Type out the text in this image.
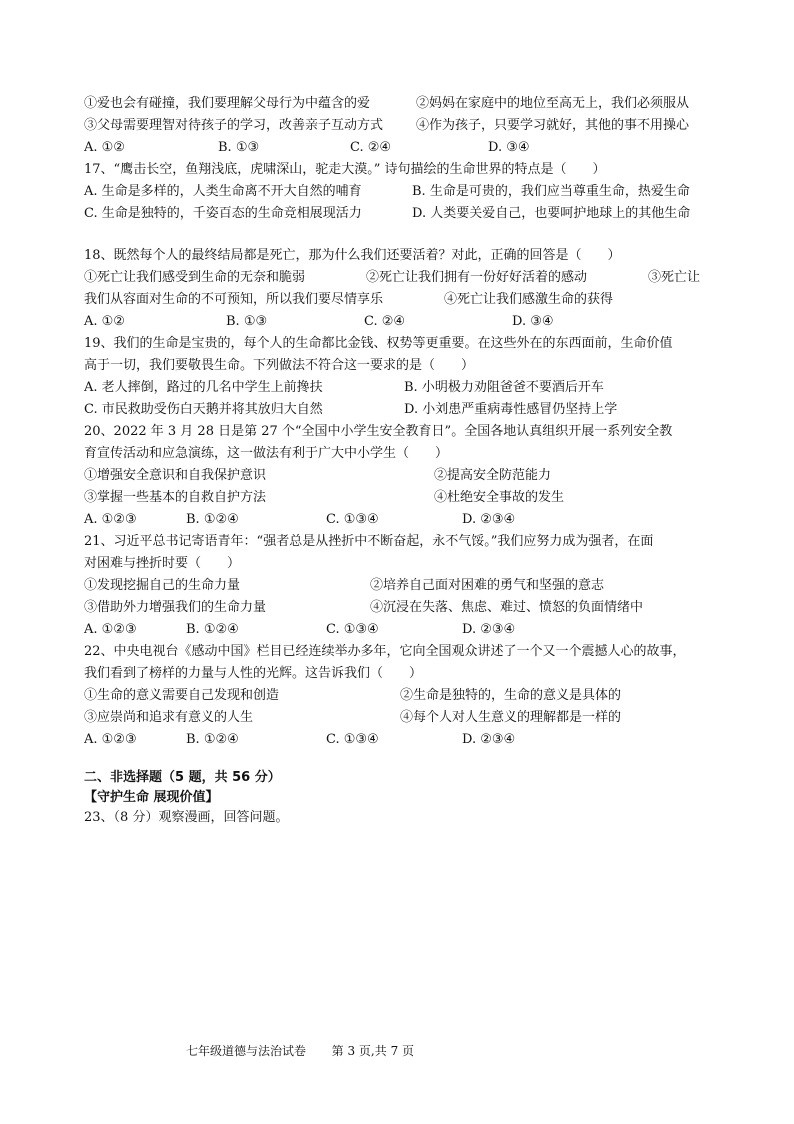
①爱也会有碰撞，我们要理解父母行为中蕴含的爱	②妈妈在家庭中的地位至高无上，我们必须服从
③父母需要理智对待孩子的学习，改善亲子互动方式	④作为孩子，只要学习就好，其他的事不用操心
A. ①②	B. ①③	C. ②④	D. ③④
17、“鹰击长空，鱼翔浅底，虎啸深山，驼走大漠。” 诗句描绘的生命世界的特点是（　　）
A. 生命是多样的，人类生命离不开大自然的哺育	B. 生命是可贵的，我们应当尊重生命，热爱生命
C. 生命是独特的，千姿百态的生命竞相展现活力	D. 人类要关爱自己，也要呵护地球上的其他生命
18、既然每个人的最终结局都是死亡，那为什么我们还要活着？对此，正确的回答是（　　）
①死亡让我们感受到生命的无奈和脆弱	②死亡让我们拥有一份好好活着的感动	③死亡让
我们从容面对生命的不可预知，所以我们要尽情享乐	④死亡让我们感激生命的获得
A. ①②	B. ①③	C. ②④	D. ③④
19、我们的生命是宝贵的，每个人的生命都比金钱、权势等更重要。在这些外在的东西面前，生命价值
高于一切，我们要敬畏生命。下列做法不符合这一要求的是（　　）
A. 老人摔倒，路过的几名中学生上前搀扶	B. 小明极力劝阻爸爸不要酒后开车
C. 市民救助受伤白天鹅并将其放归大自然	D. 小刘患严重病毒性感冒仍坚持上学
20、2022 年 3 月 28 日是第 27 个“全国中小学生安全教育日”。全国各地认真组织开展一系列安全教
育宣传活动和应急演练，这一做法有利于广大中小学生（　　）
①增强安全意识和自我保护意识	②提高安全防范能力
③掌握一些基本的自救自护方法	④杜绝安全事故的发生
A. ①②③	B. ①②④	C. ①③④	D. ②③④
21、习近平总书记寄语青年：“强者总是从挫折中不断奋起，永不气馁。”我们应努力成为强者，在面
对困难与挫折时要（　　）
①发现挖掘自己的生命力量	②培养自己面对困难的勇气和坚强的意志
③借助外力增强我们的生命力量	④沉浸在失落、焦虑、难过、愤怒的负面情绪中
A. ①②③	B. ①②④	C. ①③④	D. ②③④
22、中央电视台《感动中国》栏目已经连续举办多年，它向全国观众讲述了一个又一个震撼人心的故事，
我们看到了榜样的力量与人性的光辉。这告诉我们（　　）
①生命的意义需要自己发现和创造	②生命是独特的，生命的意义是具体的
③应崇尚和追求有意义的人生	④每个人对人生意义的理解都是一样的
A. ①②③	B. ①②④	C. ①③④	D. ②③④
二、非选择题（5 题，共 56 分）
【守护生命 展现价值】
23、（8 分）观察漫画，回答问题。
七年级道德与法治试卷 第 3 页,共 7 页
